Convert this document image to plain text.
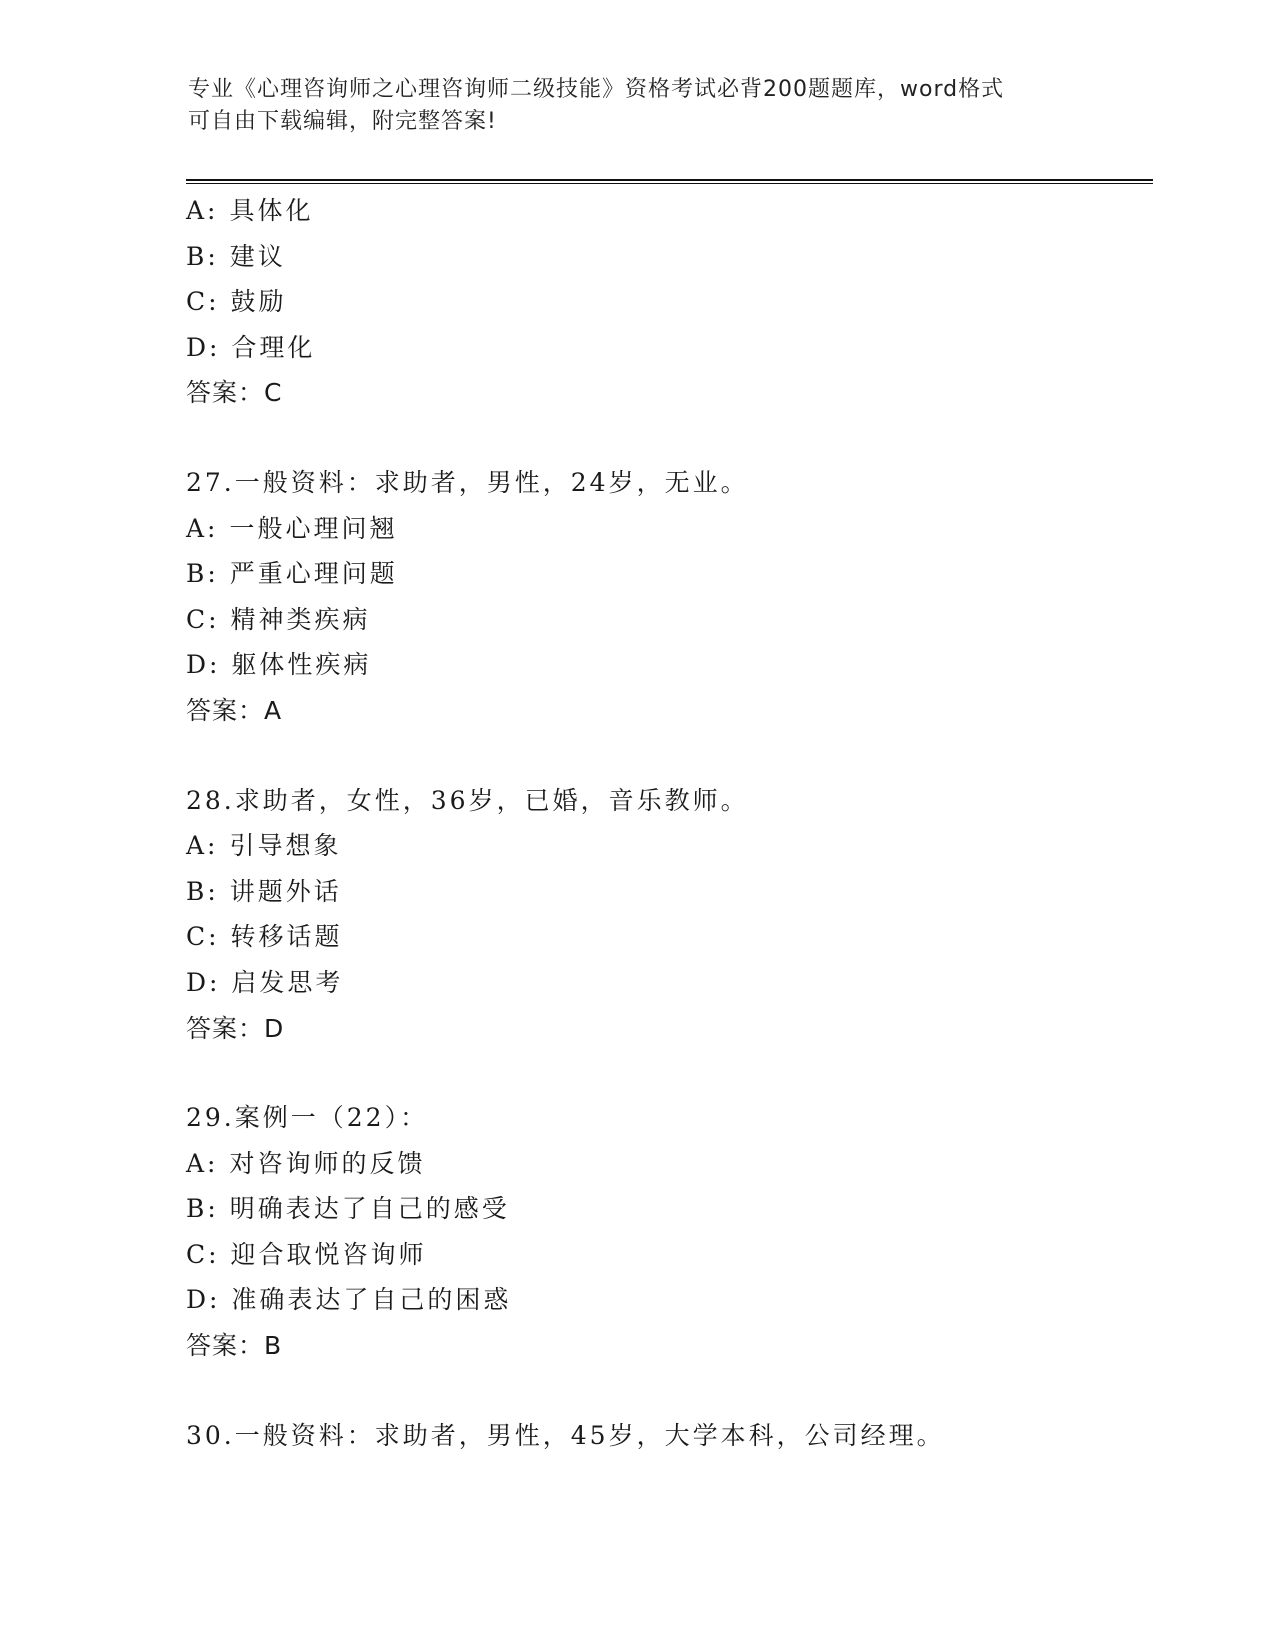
专业《心理咨询师之心理咨询师二级技能》资格考试必背200题题库，word格式
可自由下载编辑，附完整答案!
A: 具体化
B: 建议
C: 鼓励
D: 合理化
答案：C
27.一般资料：求助者，男性，24岁，无业。
A: 一般心理问翘
B: 严重心理问题
C: 精神类疾病
D: 躯体性疾病
答案：A
28.求助者，女性，36岁，已婚，音乐教师。
A: 引导想象
B: 讲题外话
C: 转移话题
D: 启发思考
答案：D
29.案例一（22）：
A: 对咨询师的反馈
B: 明确表达了自己的感受
C: 迎合取悦咨询师
D: 准确表达了自己的困惑
答案：B
30.一般资料：求助者，男性，45岁，大学本科，公司经理。
